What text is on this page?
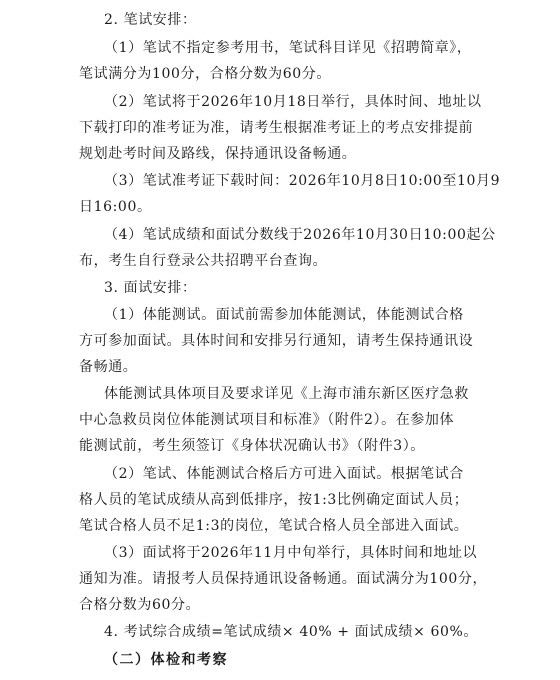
2. 笔试安排：
（1）笔试不指定参考用书，笔试科目详见《招聘简章》，
笔试满分为100分，合格分数为60分。
（2）笔试将于2026年10月18日举行，具体时间、地址以
下载打印的准考证为准，请考生根据准考证上的考点安排提前
规划赴考时间及路线，保持通讯设备畅通。
（3）笔试准考证下载时间：2026年10月8日10:00至10月9
日16:00。
（4）笔试成绩和面试分数线于2026年10月30日10:00起公
布，考生自行登录公共招聘平台查询。
3. 面试安排：
（1）体能测试。面试前需参加体能测试，体能测试合格
方可参加面试。具体时间和安排另行通知，请考生保持通讯设
备畅通。
体能测试具体项目及要求详见《上海市浦东新区医疗急救
中心急救员岗位体能测试项目和标准》（附件2）。在参加体
能测试前，考生须签订《身体状况确认书》（附件3）。
（2）笔试、体能测试合格后方可进入面试。根据笔试合
格人员的笔试成绩从高到低排序，按1:3比例确定面试人员；
笔试合格人员不足1:3的岗位，笔试合格人员全部进入面试。
（3）面试将于2026年11月中旬举行，具体时间和地址以
通知为准。请报考人员保持通讯设备畅通。面试满分为100分，
合格分数为60分。
4. 考试综合成绩=笔试成绩× 40% + 面试成绩× 60%。
（二）体检和考察
